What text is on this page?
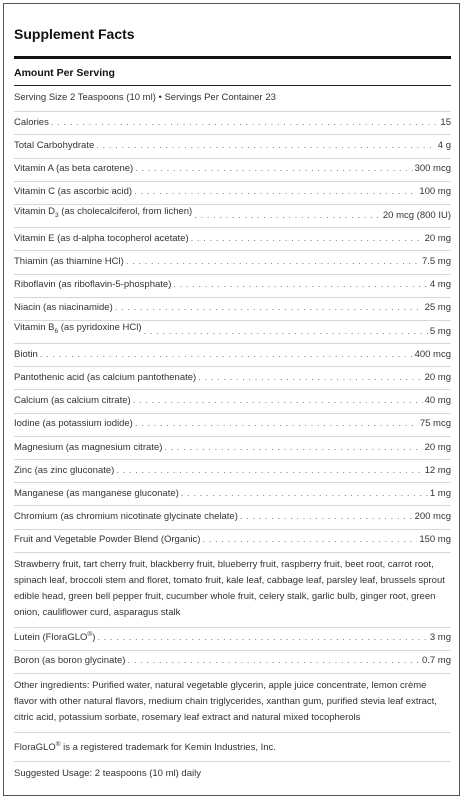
Supplement Facts
Amount Per Serving
Serving Size 2 Teaspoons (10 ml) • Servings Per Container 23
Calories . . .	15
Total Carbohydrate . . .	4 g
Vitamin A (as beta carotene) . . .	300 mcg
Vitamin C (as ascorbic acid) . . .	100 mg
Vitamin $D_3$ (as cholecalciferol, from lichen) . . .	20 mcg (800 IU)
Vitamin E (as d-alpha tocopherol acetate) . . .	20 mg
Thiamin (as thiamine HCl) . . .	7.5 mg
Riboflavin (as riboflavin-5-phosphate) . . .	4 mg
Niacin (as niacinamide) . . .	25 mg
Vitamin $B_6$ (as pyridoxine HCl) . . .	5 mg
Biotin . . .	400 mcg
Pantothenic acid (as calcium pantothenate) . . .	20 mg
Calcium (as calcium citrate) . . .	40 mg
Iodine (as potassium iodide) . . .	75 mcg
Magnesium (as magnesium citrate) . . .	20 mg
Zinc (as zinc gluconate) . . .	12 mg
Manganese (as manganese gluconate) . . .	1 mg
Chromium (as chromium nicotinate glycinate chelate) . . .	200 mcg
Fruit and Vegetable Powder Blend (Organic) . . .	150 mg
Strawberry fruit, tart cherry fruit, blackberry fruit, blueberry fruit, raspberry fruit, beet root, carrot root, spinach leaf, broccoli stem and floret, tomato fruit, kale leaf, cabbage leaf, parsley leaf, brussels sprout edible head, green bell pepper fruit, cucumber whole fruit, celery stalk, garlic bulb, ginger root, green onion, cauliflower curd, asparagus stalk
Lutein (FloraGLO®) . . .	3 mg
Boron (as boron glycinate) . . .	0.7 mg
Other ingredients: Purified water, natural vegetable glycerin, apple juice concentrate, lemon crème flavor with other natural flavors, medium chain triglycerides, xanthan gum, purified stevia leaf extract, citric acid, potassium sorbate, rosemary leaf extract and natural mixed tocopherols
FloraGLO® is a registered trademark for Kemin Industries, Inc.
Suggested Usage: 2 teaspoons (10 ml) daily
